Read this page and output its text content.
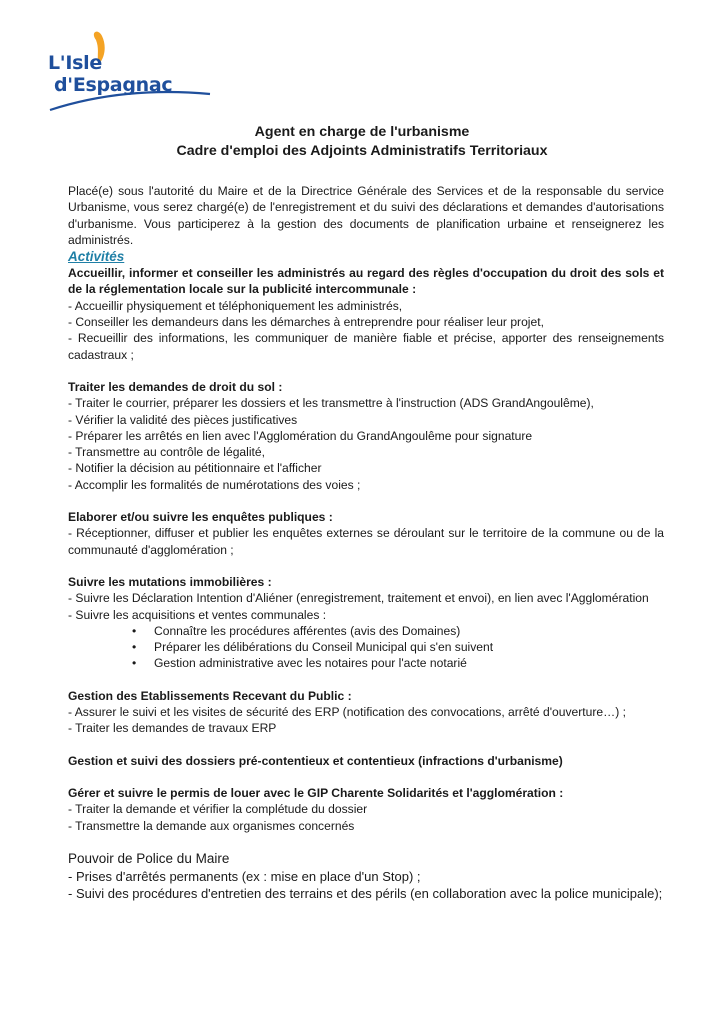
L'Isle
d'Espagnac
Agent en charge de l'urbanisme
Cadre d'emploi des Adjoints Administratifs Territoriaux

Placé(e) sous l'autorité du Maire et de la Directrice Générale des Services et de la responsable du service Urbanisme, vous serez chargé(e) de l'enregistrement et du suivi des déclarations et demandes d'autorisations d'urbanisme. Vous participerez à la gestion des documents de planification urbaine et renseignerez les administrés.

Activités

Accueillir, informer et conseiller les administrés au regard des règles d'occupation du droit des sols et de la réglementation locale sur la publicité intercommunale :

- Accueillir physiquement et téléphoniquement les administrés,

- Conseiller les demandeurs dans les démarches à entreprendre pour réaliser leur projet,

- Recueillir des informations, les communiquer de manière fiable et précise, apporter des renseignements cadastraux ;

Traiter les demandes de droit du sol :

- Traiter le courrier, préparer les dossiers et les transmettre à l'instruction (ADS GrandAngoulême),

- Vérifier la validité des pièces justificatives

- Préparer les arrêtés en lien avec l'Agglomération du GrandAngoulême pour signature

- Transmettre au contrôle de légalité,

- Notifier la décision au pétitionnaire et l'afficher

- Accomplir les formalités de numérotations des voies ;

Elaborer et/ou suivre les enquêtes publiques :

- Réceptionner, diffuser et publier les enquêtes externes se déroulant sur le territoire de la commune ou de la communauté d'agglomération ;

Suivre les mutations immobilières :

- Suivre les Déclaration Intention d'Aliéner (enregistrement, traitement et envoi), en lien avec l'Agglomération

- Suivre les acquisitions et ventes communales :

• Connaître les procédures afférentes (avis des Domaines)

• Préparer les délibérations du Conseil Municipal qui s'en suivent

• Gestion administrative avec les notaires pour l'acte notarié

Gestion des Etablissements Recevant du Public :

- Assurer le suivi et les visites de sécurité des ERP (notification des convocations, arrêté d'ouverture…) ;

- Traiter les demandes de travaux ERP

Gestion et suivi des dossiers pré-contentieux et contentieux (infractions d'urbanisme)

Gérer et suivre le permis de louer avec le GIP Charente Solidarités et l'agglomération :

- Traiter la demande et vérifier la complétude du dossier

- Transmettre la demande aux organismes concernés

Pouvoir de Police du Maire

- Prises d'arrêtés permanents (ex : mise en place d'un Stop) ;

- Suivi des procédures d'entretien des terrains et des périls (en collaboration avec la police municipale);
